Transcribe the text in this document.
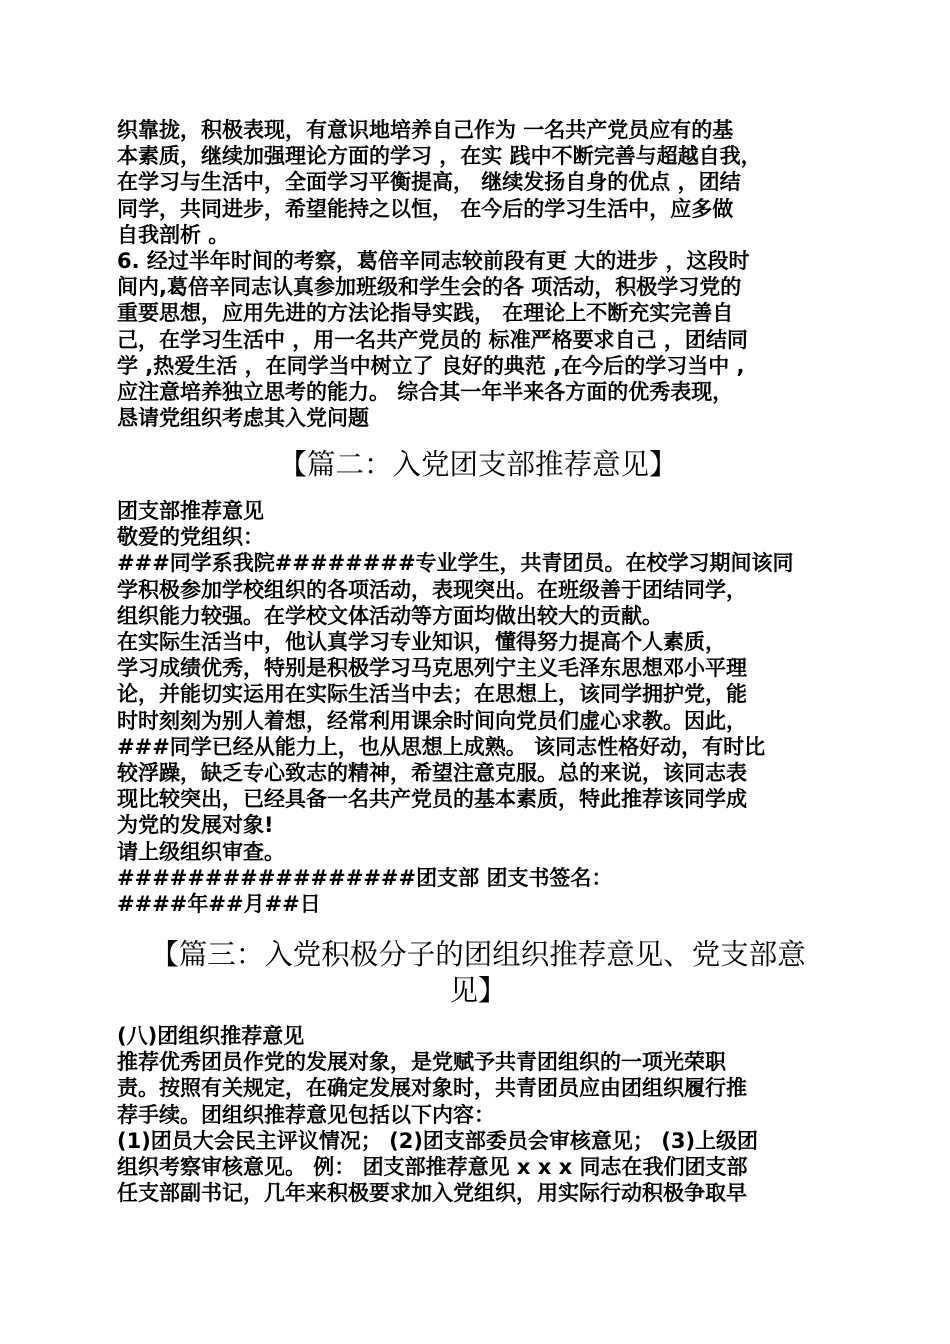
织靠拢，积极表现，有意识地培养自己作为 一名共产党员应有的基
本素质，继续加强理论方面的学习 ，在实 践中不断完善与超越自我，
在学习与生活中，全面学习平衡提高， 继续发扬自身的优点 ，团结
同学，共同进步，希望能持之以恒， 在今后的学习生活中，应多做
自我剖析 。
6. 经过半年时间的考察，葛倍辛同志较前段有更 大的进步 ，这段时
间内,葛倍辛同志认真参加班级和学生会的各 项活动，积极学习党的
重要思想，应用先进的方法论指导实践， 在理论上不断充实完善自
己，在学习生活中 ，用一名共产党员的 标准严格要求自己 ，团结同
学 ,热爱生活 ，在同学当中树立了 良好的典范 ,在今后的学习当中 ,
应注意培养独立思考的能力。 综合其一年半来各方面的优秀表现，
恳请党组织考虑其入党问题
【篇二：入党团支部推荐意见】
团支部推荐意见
敬爱的党组织：
###同学系我院########专业学生，共青团员。在校学习期间该同
学积极参加学校组织的各项活动，表现突出。在班级善于团结同学，
组织能力较强。在学校文体活动等方面均做出较大的贡献。
在实际生活当中，他认真学习专业知识，懂得努力提高个人素质，
学习成绩优秀，特别是积极学习马克思列宁主义毛泽东思想邓小平理
论，并能切实运用在实际生活当中去；在思想上，该同学拥护党，能
时时刻刻为别人着想，经常利用课余时间向党员们虚心求教。因此，
###同学已经从能力上，也从思想上成熟。 该同志性格好动，有时比
较浮躁，缺乏专心致志的精神，希望注意克服。总的来说，该同志表
现比较突出，已经具备一名共产党员的基本素质，特此推荐该同学成
为党的发展对象!
请上级组织审查。
#################团支部 团支书签名：
####年##月##日
【篇三：入党积极分子的团组织推荐意见、党支部意
见】
(八)团组织推荐意见
推荐优秀团员作党的发展对象，是党赋予共青团组织的一项光荣职
责。按照有关规定，在确定发展对象时，共青团员应由团组织履行推
荐手续。团组织推荐意见包括以下内容：
(1)团员大会民主评议情况； (2)团支部委员会审核意见； (3)上级团
组织考察审核意见。 例： 团支部推荐意见 x x x 同志在我们团支部
任支部副书记，几年来积极要求加入党组织，用实际行动积极争取早
